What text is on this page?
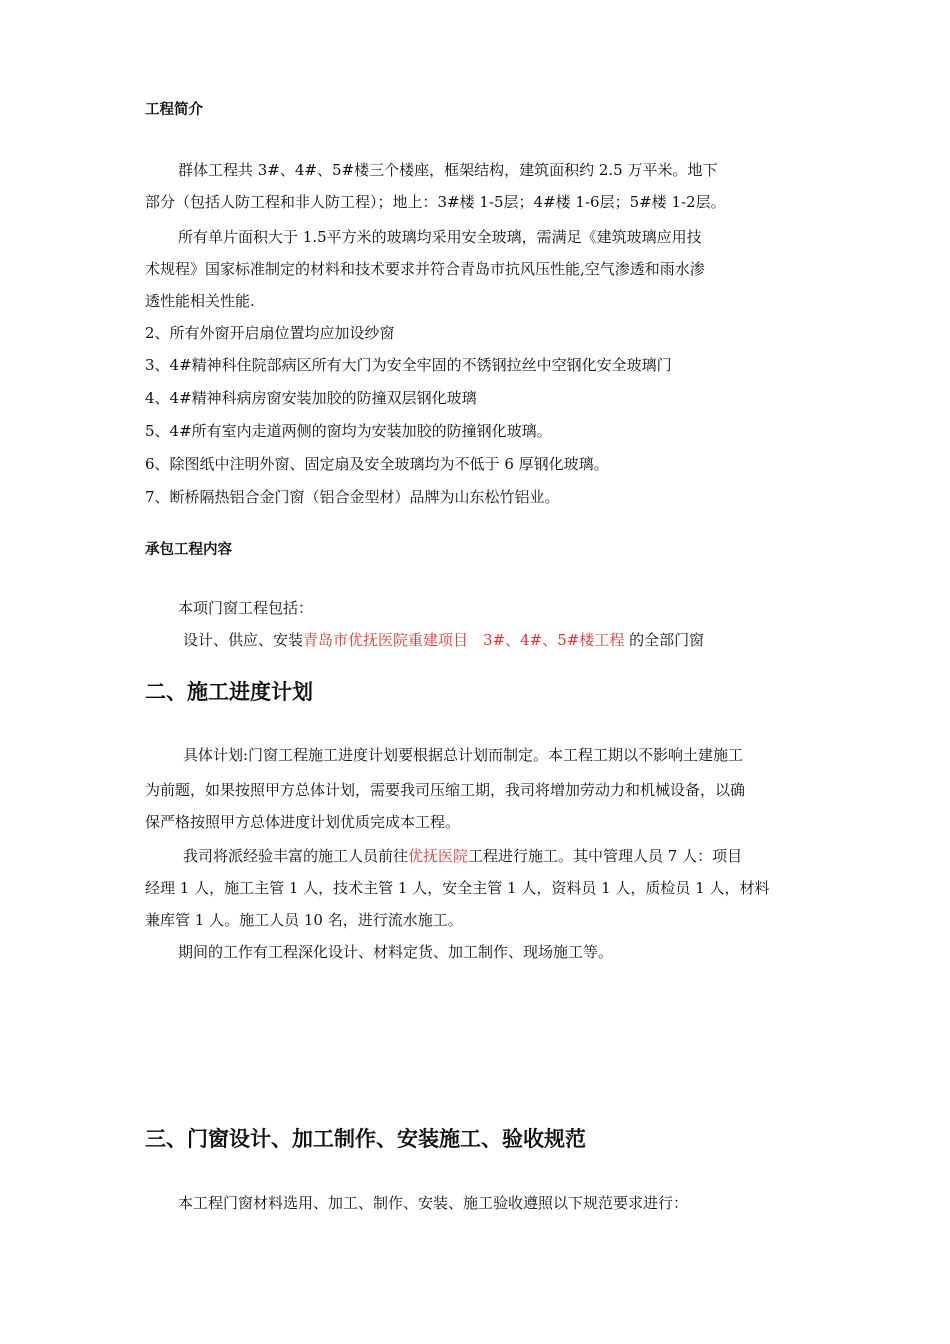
工程简介
群体工程共 3#、4#、5#楼三个楼座，框架结构，建筑面积约 2.5 万平米。地下
部分（包括人防工程和非人防工程）；地上：3#楼 1-5层；4#楼 1-6层；5#楼 1-2层。
所有单片面积大于 1.5平方米的玻璃均采用安全玻璃，需满足《建筑玻璃应用技
术规程》国家标准制定的材料和技术要求并符合青岛市抗风压性能,空气渗透和雨水渗
透性能相关性能.
2、所有外窗开启扇位置均应加设纱窗
3、4#精神科住院部病区所有大门为安全牢固的不锈钢拉丝中空钢化安全玻璃门
4、4#精神科病房窗安装加胶的防撞双层钢化玻璃
5、4#所有室内走道两侧的窗均为安装加胶的防撞钢化玻璃。
6、除图纸中注明外窗、固定扇及安全玻璃均为不低于 6 厚钢化玻璃。
7、断桥隔热铝合金门窗（铝合金型材）品牌为山东松竹铝业。
承包工程内容
本项门窗工程包括：
设计、供应、安装青岛市优抚医院重建项目　3#、4#、5#楼工程 的全部门窗
二、施工进度计划
具体计划:门窗工程施工进度计划要根据总计划而制定。本工程工期以不影响土建施工
为前题，如果按照甲方总体计划，需要我司压缩工期，我司将增加劳动力和机械设备，以确
保严格按照甲方总体进度计划优质完成本工程。
我司将派经验丰富的施工人员前往优抚医院工程进行施工。其中管理人员 7 人：项目
经理 1 人，施工主管 1 人，技术主管 1 人，安全主管 1 人，资料员 1 人，质检员 1 人，材料
兼库管 1 人。施工人员 10 名，进行流水施工。
期间的工作有工程深化设计、材料定货、加工制作、现场施工等。
三、门窗设计、加工制作、安装施工、验收规范
本工程门窗材料选用、加工、制作、安装、施工验收遵照以下规范要求进行：
